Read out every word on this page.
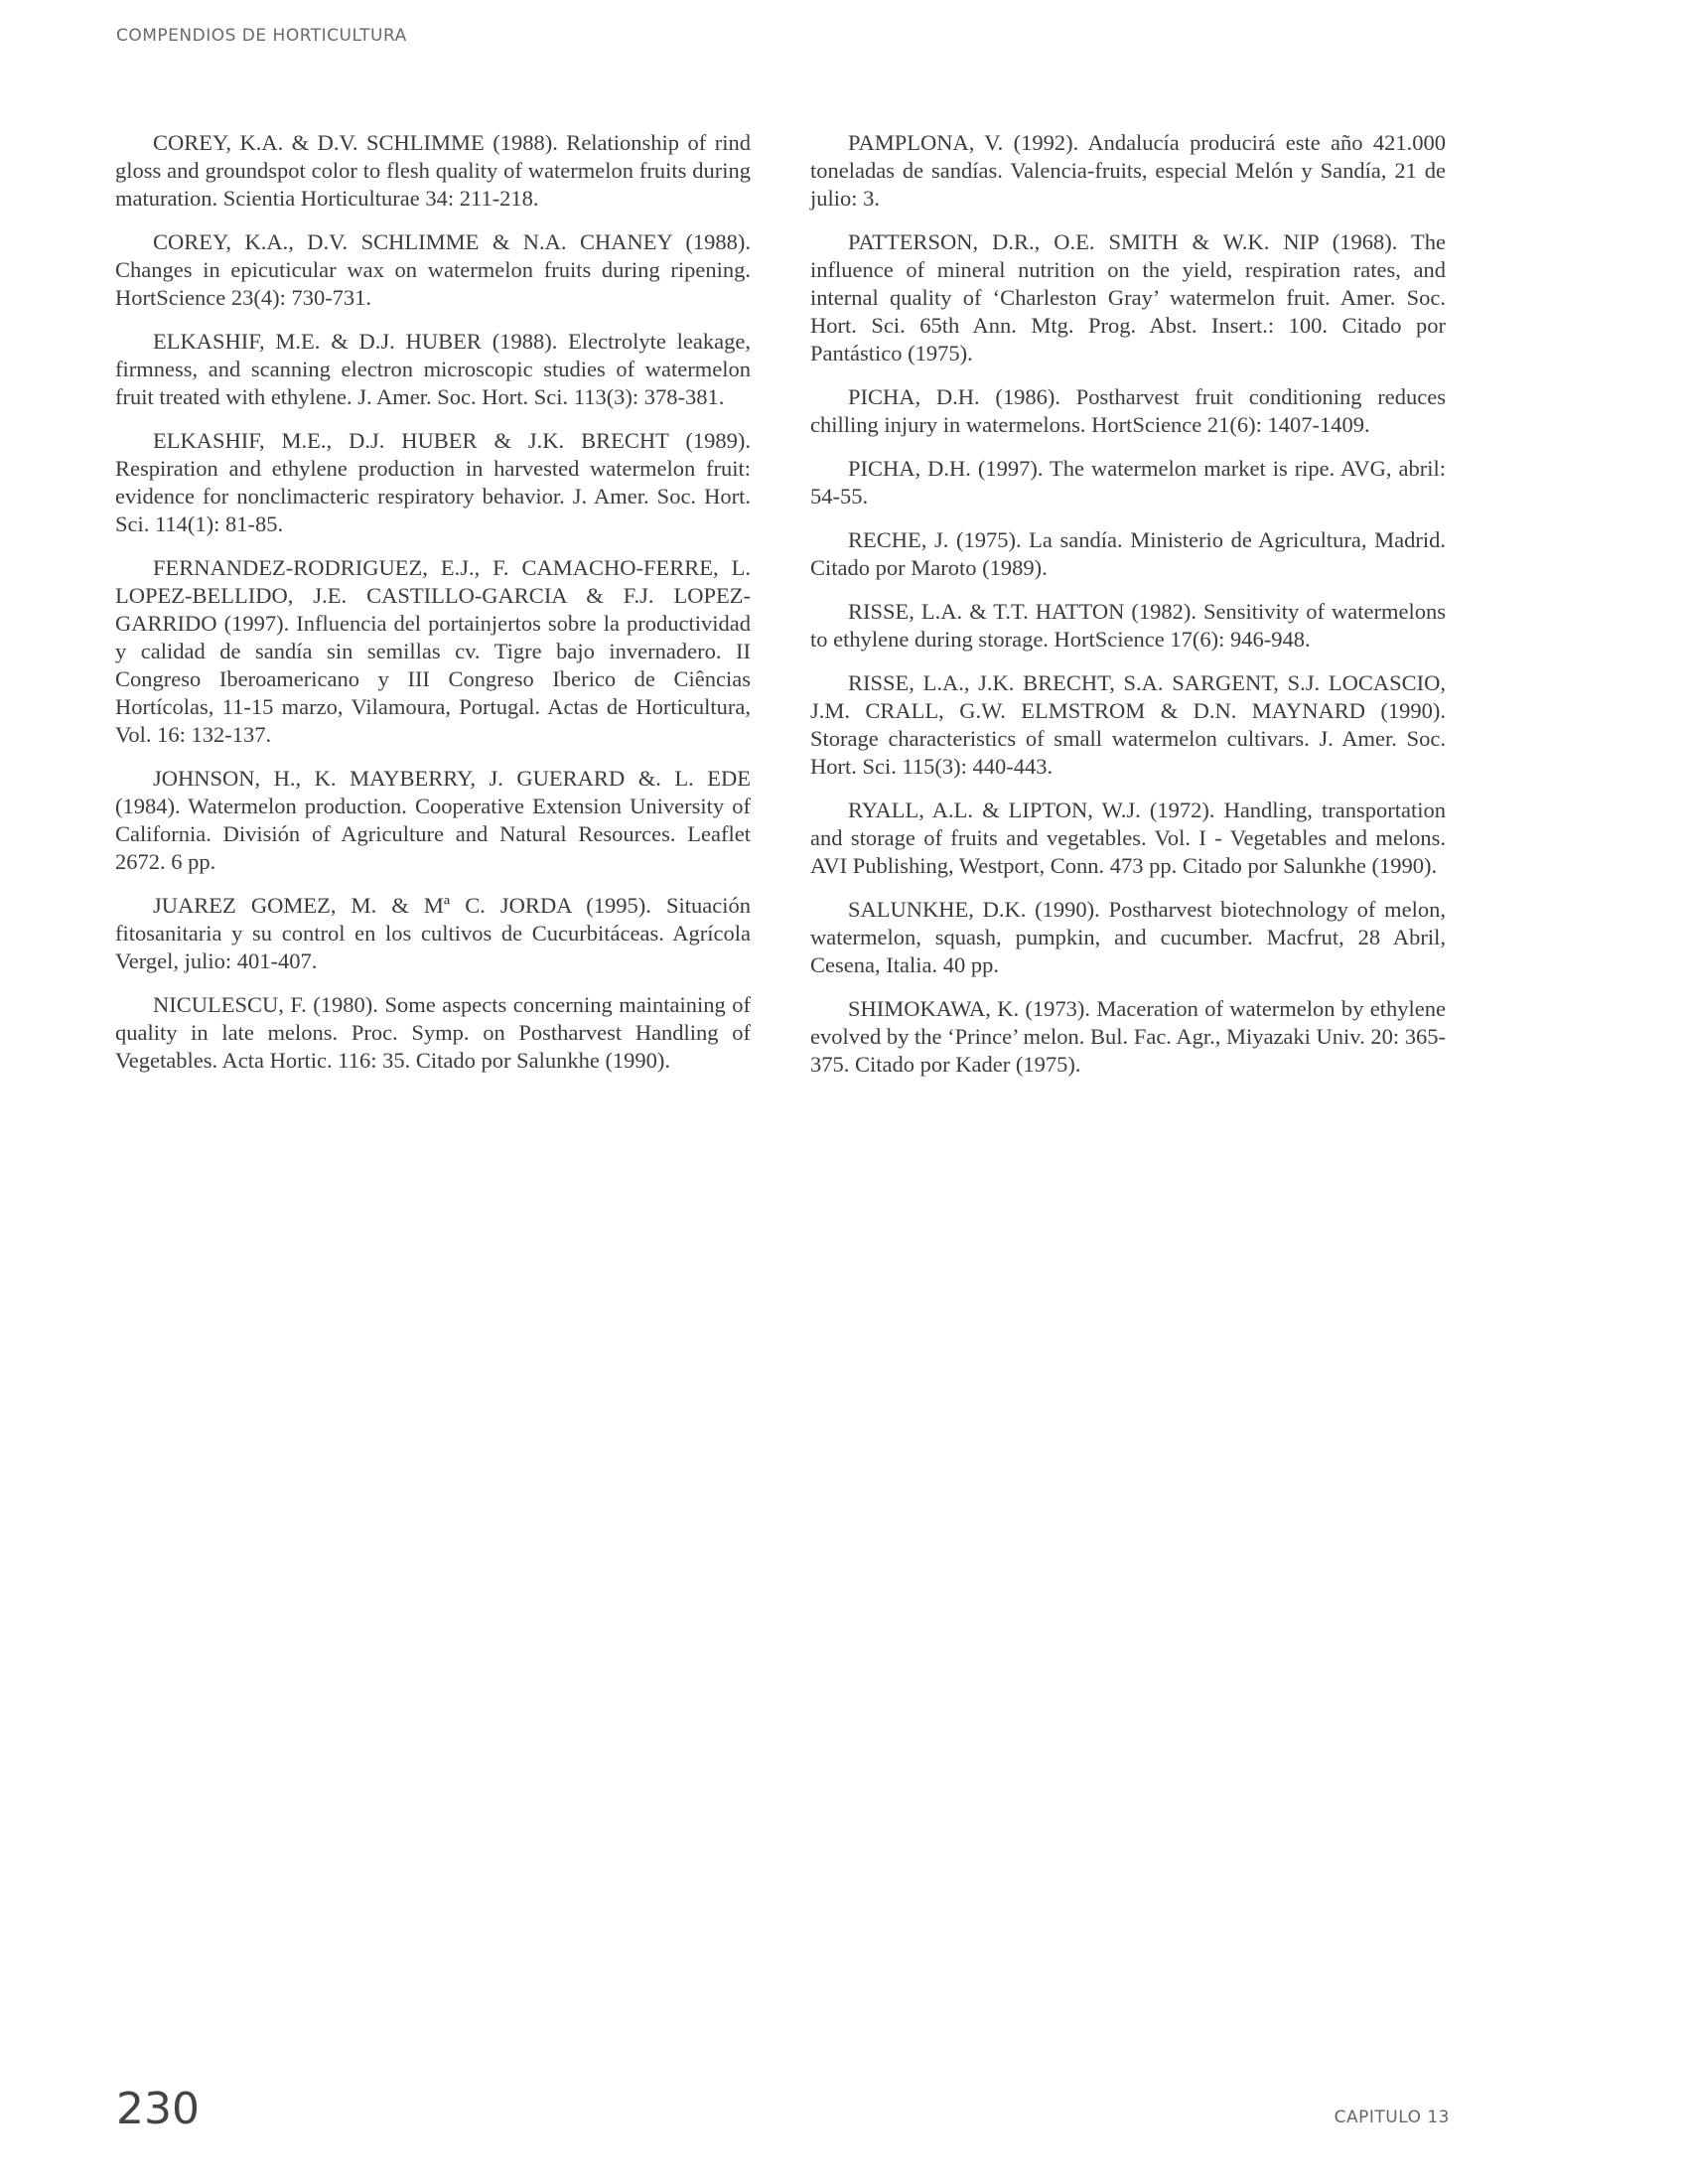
COMPENDIOS DE HORTICULTURA

COREY, K.A. & D.V. SCHLIMME (1988). Relationship of rind gloss and groundspot color to flesh quality of watermelon fruits during maturation. Scientia Horticulturae 34: 211-218.

COREY, K.A., D.V. SCHLIMME & N.A. CHANEY (1988). Changes in epicuticular wax on watermelon fruits during ripening. HortScience 23(4): 730-731.

ELKASHIF, M.E. & D.J. HUBER (1988). Electrolyte leakage, firmness, and scanning electron microscopic studies of watermelon fruit treated with ethylene. J. Amer. Soc. Hort. Sci. 113(3): 378-381.

ELKASHIF, M.E., D.J. HUBER & J.K. BRECHT (1989). Respiration and ethylene production in harvested watermelon fruit: evidence for nonclimacteric respiratory behavior. J. Amer. Soc. Hort. Sci. 114(1): 81-85.

FERNANDEZ-RODRIGUEZ, E.J., F. CAMACHO-FERRE, L. LOPEZ-BELLIDO, J.E. CASTILLO-GARCIA & F.J. LOPEZ-GARRIDO (1997). Influencia del portainjertos sobre la productividad y calidad de sandía sin semillas cv. Tigre bajo invernadero. II Congreso Iberoamericano y III Congreso Iberico de Ciências Hortícolas, 11-15 marzo, Vilamoura, Portugal. Actas de Horticultura, Vol. 16: 132-137.

JOHNSON, H., K. MAYBERRY, J. GUERARD &. L. EDE (1984). Watermelon production. Cooperative Extension University of California. División of Agriculture and Natural Resources. Leaflet 2672. 6 pp.

JUAREZ GOMEZ, M. & Mª C. JORDA (1995). Situación fitosanitaria y su control en los cultivos de Cucurbitáceas. Agrícola Vergel, julio: 401-407.

NICULESCU, F. (1980). Some aspects concerning maintaining of quality in late melons. Proc. Symp. on Postharvest Handling of Vegetables. Acta Hortic. 116: 35. Citado por Salunkhe (1990).

PAMPLONA, V. (1992). Andalucía producirá este año 421.000 toneladas de sandías. Valencia-fruits, especial Melón y Sandía, 21 de julio: 3.

PATTERSON, D.R., O.E. SMITH & W.K. NIP (1968). The influence of mineral nutrition on the yield, respiration rates, and internal quality of ‘Charleston Gray’ watermelon fruit. Amer. Soc. Hort. Sci. 65th Ann. Mtg. Prog. Abst. Insert.: 100. Citado por Pantástico (1975).

PICHA, D.H. (1986). Postharvest fruit conditioning reduces chilling injury in watermelons. HortScience 21(6): 1407-1409.

PICHA, D.H. (1997). The watermelon market is ripe. AVG, abril: 54-55.

RECHE, J. (1975). La sandía. Ministerio de Agricultura, Madrid. Citado por Maroto (1989).

RISSE, L.A. & T.T. HATTON (1982). Sensitivity of watermelons to ethylene during storage. HortScience 17(6): 946-948.

RISSE, L.A., J.K. BRECHT, S.A. SARGENT, S.J. LOCASCIO, J.M. CRALL, G.W. ELMSTROM & D.N. MAYNARD (1990). Storage characteristics of small watermelon cultivars. J. Amer. Soc. Hort. Sci. 115(3): 440-443.

RYALL, A.L. & LIPTON, W.J. (1972). Handling, transportation and storage of fruits and vegetables. Vol. I - Vegetables and melons. AVI Publishing, Westport, Conn. 473 pp. Citado por Salunkhe (1990).

SALUNKHE, D.K. (1990). Postharvest biotechnology of melon, watermelon, squash, pumpkin, and cucumber. Macfrut, 28 Abril, Cesena, Italia. 40 pp.

SHIMOKAWA, K. (1973). Maceration of watermelon by ethylene evolved by the ‘Prince’ melon. Bul. Fac. Agr., Miyazaki Univ. 20: 365-375. Citado por Kader (1975).

230	CAPITULO 13
